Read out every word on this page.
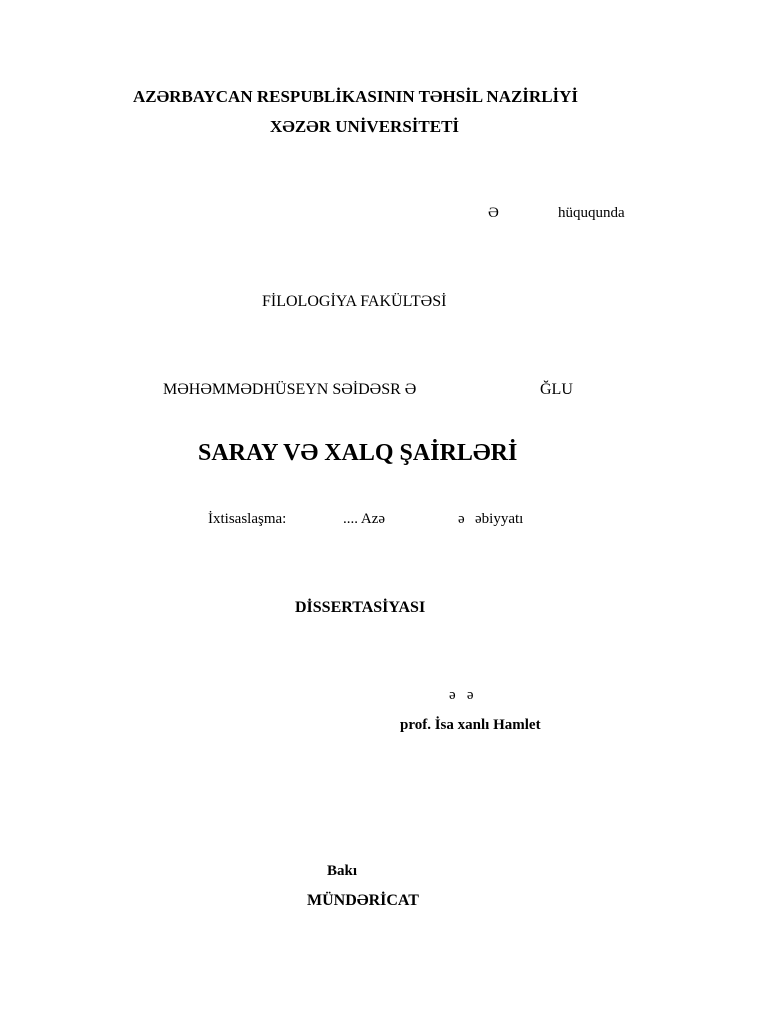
AZƏRBAYCAN RESPUBLİKASININ TƏHSİL NAZİRLİYİ
XƏZƏR UNİVERSİTETİ
Ə	hüququnda
FİLOLOGİYA FAKÜLTƏSİ
MƏHƏMMƏDHÜSEYN SƏİDƏSR Ə	ĞLU
SARAY VƏ XALQ ŞAİRLƏRİ
İxtisaslaşma:	.... Azə	ə əbiyyatı
DİSSERTASİYASI
ə   ə
prof. İsa xanlı Hamlet
Bakı
MÜNDƏRİCAT
